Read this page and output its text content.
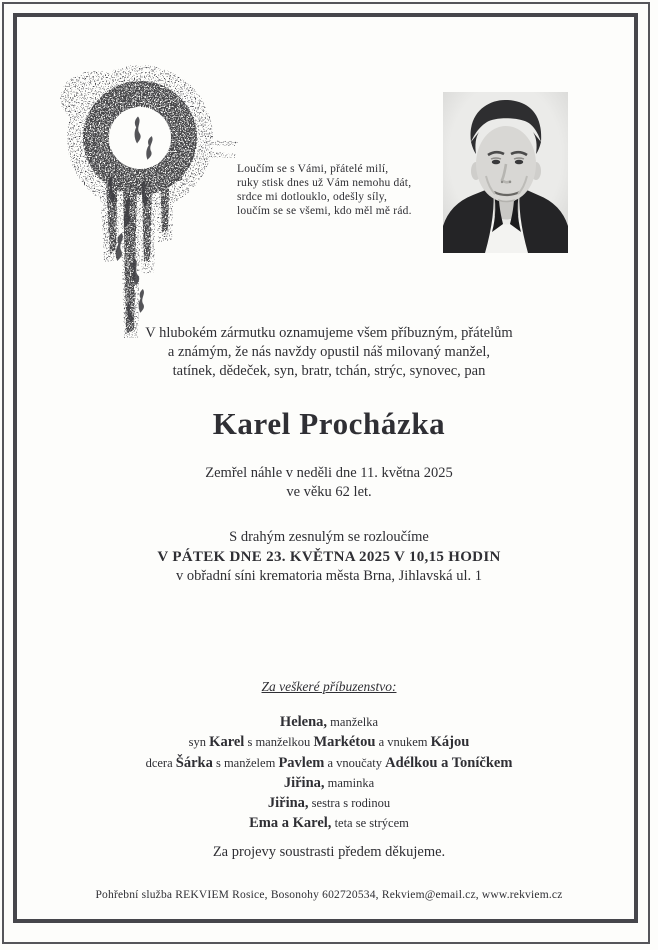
Loučím se s Vámi, přátelé milí,
ruky stisk dnes už Vám nemohu dát,
srdce mi dotlouklo, odešly síly,
loučím se se všemi, kdo měl mě rád.
V hlubokém zármutku oznamujeme všem příbuzným, přátelům
a známým, že nás navždy opustil náš milovaný manžel,
tatínek, dědeček, syn, bratr, tchán, strýc, synovec, pan
Karel Procházka
Zemřel náhle v neděli dne 11. května 2025
ve věku 62 let.
S drahým zesnulým se rozloučíme
V PÁTEK DNE 23. KVĚTNA 2025 V 10,15 HODIN
v obřadní síni krematoria města Brna, Jihlavská ul. 1
Za veškeré příbuzenstvo:
Helena, manželka
syn Karel s manželkou Markétou a vnukem Kájou
dcera Šárka s manželem Pavlem a vnoučaty Adélkou a Toníčkem
Jiřina, maminka
Jiřina, sestra s rodinou
Ema a Karel, teta se strýcem
Za projevy soustrasti předem děkujeme.
Pohřební služba REKVIEM Rosice, Bosonohy 602720534, Rekviem@email.cz, www.rekviem.cz
